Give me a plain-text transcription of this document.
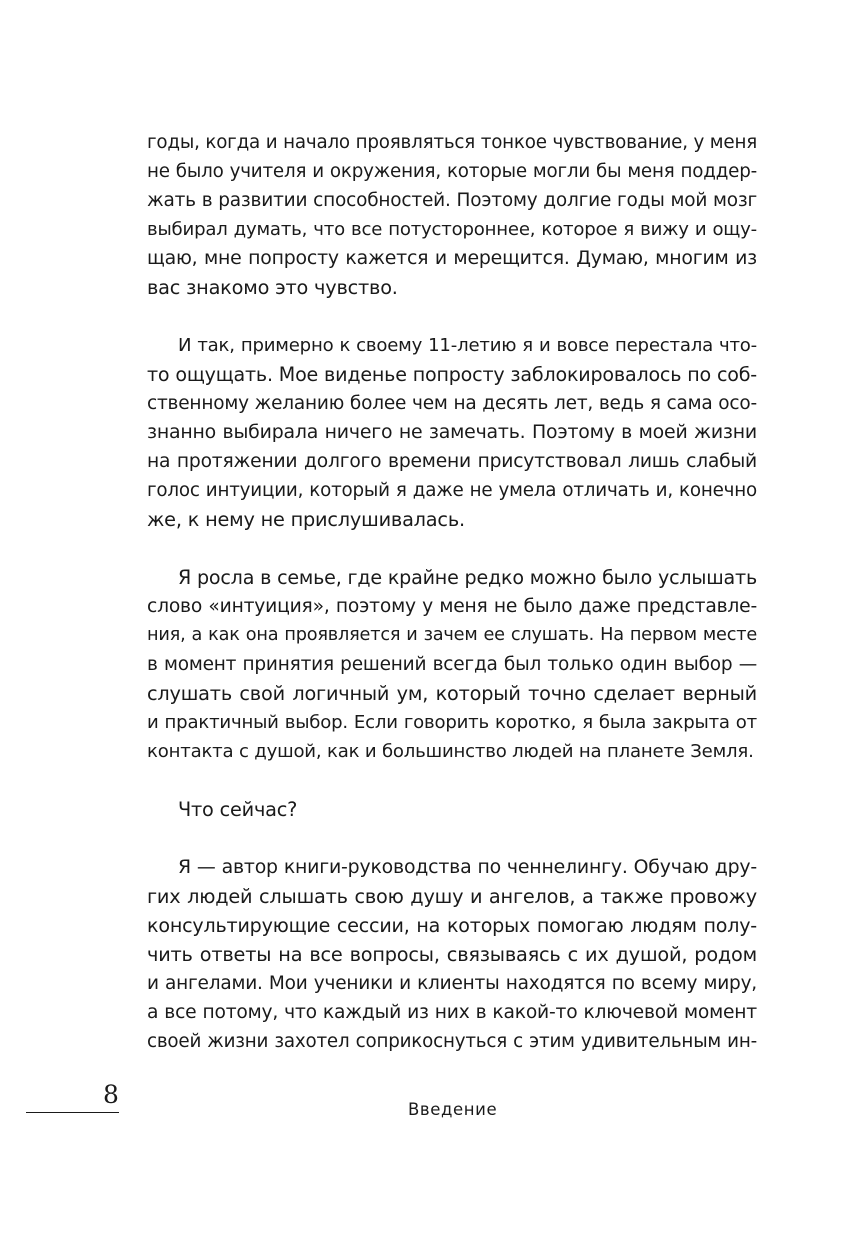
годы, когда и начало проявляться тонкое чувствование, у меня
не было учителя и окружения, которые могли бы меня поддер-
жать в развитии способностей. Поэтому долгие годы мой мозг
выбирал думать, что все потустороннее, которое я вижу и ощу-
щаю, мне попросту кажется и мерещится. Думаю, многим из
вас знакомо это чувство.
И так, примерно к своему 11-летию я и вовсе перестала что-
то ощущать. Мое виденье попросту заблокировалось по соб-
ственному желанию более чем на десять лет, ведь я сама осо-
знанно выбирала ничего не замечать. Поэтому в моей жизни
на протяжении долгого времени присутствовал лишь слабый
голос интуиции, который я даже не умела отличать и, конечно
же, к нему не прислушивалась.
Я росла в семье, где крайне редко можно было услышать
слово «интуиция», поэтому у меня не было даже представле-
ния, а как она проявляется и зачем ее слушать. На первом месте
в момент принятия решений всегда был только один выбор —
слушать свой логичный ум, который точно сделает верный
и практичный выбор. Если говорить коротко, я была закрыта от
контакта с душой, как и большинство людей на планете Земля.
Что сейчас?
Я — автор книги-руководства по ченнелингу. Обучаю дру-
гих людей слышать свою душу и ангелов, а также провожу
консультирующие сессии, на которых помогаю людям полу-
чить ответы на все вопросы, связываясь с их душой, родом
и ангелами. Мои ученики и клиенты находятся по всему миру,
а все потому, что каждый из них в какой-то ключевой момент
своей жизни захотел соприкоснуться с этим удивительным ин-
8
Введение
